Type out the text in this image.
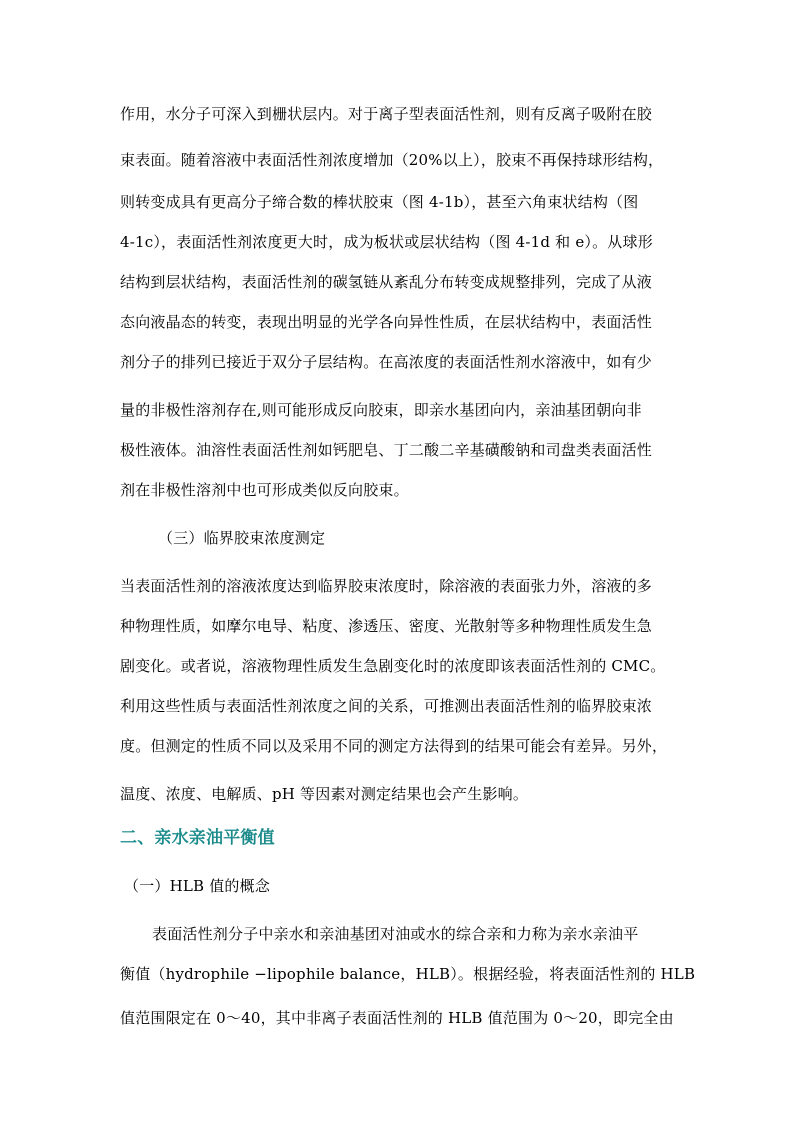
作用，水分子可深入到栅状层内。对于离子型表面活性剂，则有反离子吸附在胶
束表面。随着溶液中表面活性剂浓度增加（20%以上），胶束不再保持球形结构，
则转变成具有更高分子缔合数的棒状胶束（图 4-1b），甚至六角束状结构（图
4-1c），表面活性剂浓度更大时，成为板状或层状结构（图 4-1d 和 e）。从球形
结构到层状结构，表面活性剂的碳氢链从紊乱分布转变成规整排列，完成了从液
态向液晶态的转变，表现出明显的光学各向异性性质，在层状结构中，表面活性
剂分子的排列已接近于双分子层结构。在高浓度的表面活性剂水溶液中，如有少
量的非极性溶剂存在,则可能形成反向胶束，即亲水基团向内，亲油基团朝向非
极性液体。油溶性表面活性剂如钙肥皂、丁二酸二辛基磺酸钠和司盘类表面活性
剂在非极性溶剂中也可形成类似反向胶束。
（三）临界胶束浓度测定
当表面活性剂的溶液浓度达到临界胶束浓度时，除溶液的表面张力外，溶液的多
种物理性质，如摩尔电导、粘度、渗透压、密度、光散射等多种物理性质发生急
剧变化。或者说，溶液物理性质发生急剧变化时的浓度即该表面活性剂的 CMC。
利用这些性质与表面活性剂浓度之间的关系，可推测出表面活性剂的临界胶束浓
度。但测定的性质不同以及采用不同的测定方法得到的结果可能会有差异。另外，
温度、浓度、电解质、pH 等因素对测定结果也会产生影响。
二、亲水亲油平衡值
（一）HLB 值的概念
表面活性剂分子中亲水和亲油基团对油或水的综合亲和力称为亲水亲油平
衡值（hydrophile −lipophile balance，HLB）。根据经验，将表面活性剂的 HLB
值范围限定在 0～40，其中非离子表面活性剂的 HLB 值范围为 0～20，即完全由
